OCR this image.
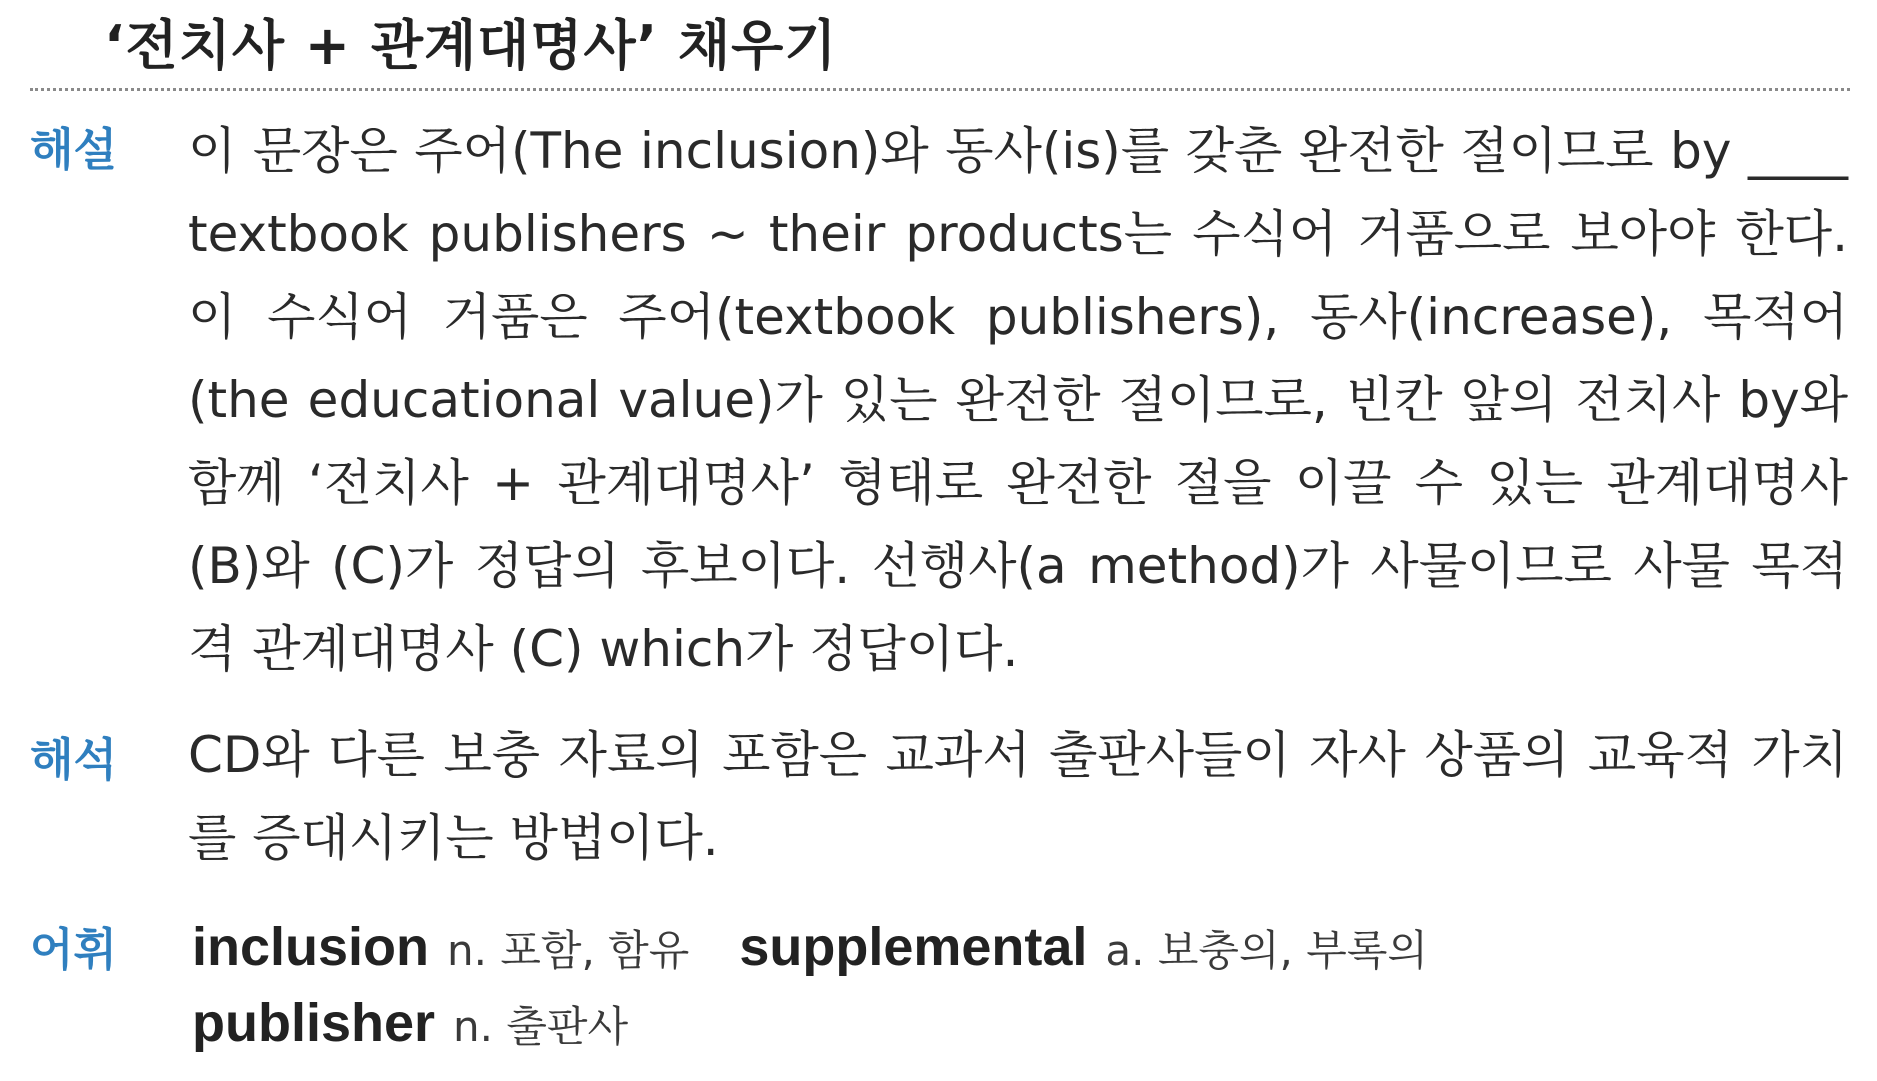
‘전치사 + 관계대명사’ 채우기
해설 이 문장은 주어(The inclusion)와 동사(is)를 갖춘 완전한 절이므로 by ____ textbook publishers ~ their products는 수식어 거품으로 보아야 한다. 이 수식어 거품은 주어(textbook publishers), 동사(increase), 목적어(the educational value)가 있는 완전한 절이므로, 빈칸 앞의 전치사 by와 함께 ‘전치사 + 관계대명사’ 형태로 완전한 절을 이끌 수 있는 관계대명사 (B)와 (C)가 정답의 후보이다. 선행사(a method)가 사물이므로 사물 목적격 관계대명사 (C) which가 정답이다.
해석 CD와 다른 보충 자료의 포함은 교과서 출판사들이 자사 상품의 교육적 가치를 증대시키는 방법이다.
어휘 inclusion n. 포함, 함유 supplemental a. 보충의, 부록의
publisher n. 출판사
